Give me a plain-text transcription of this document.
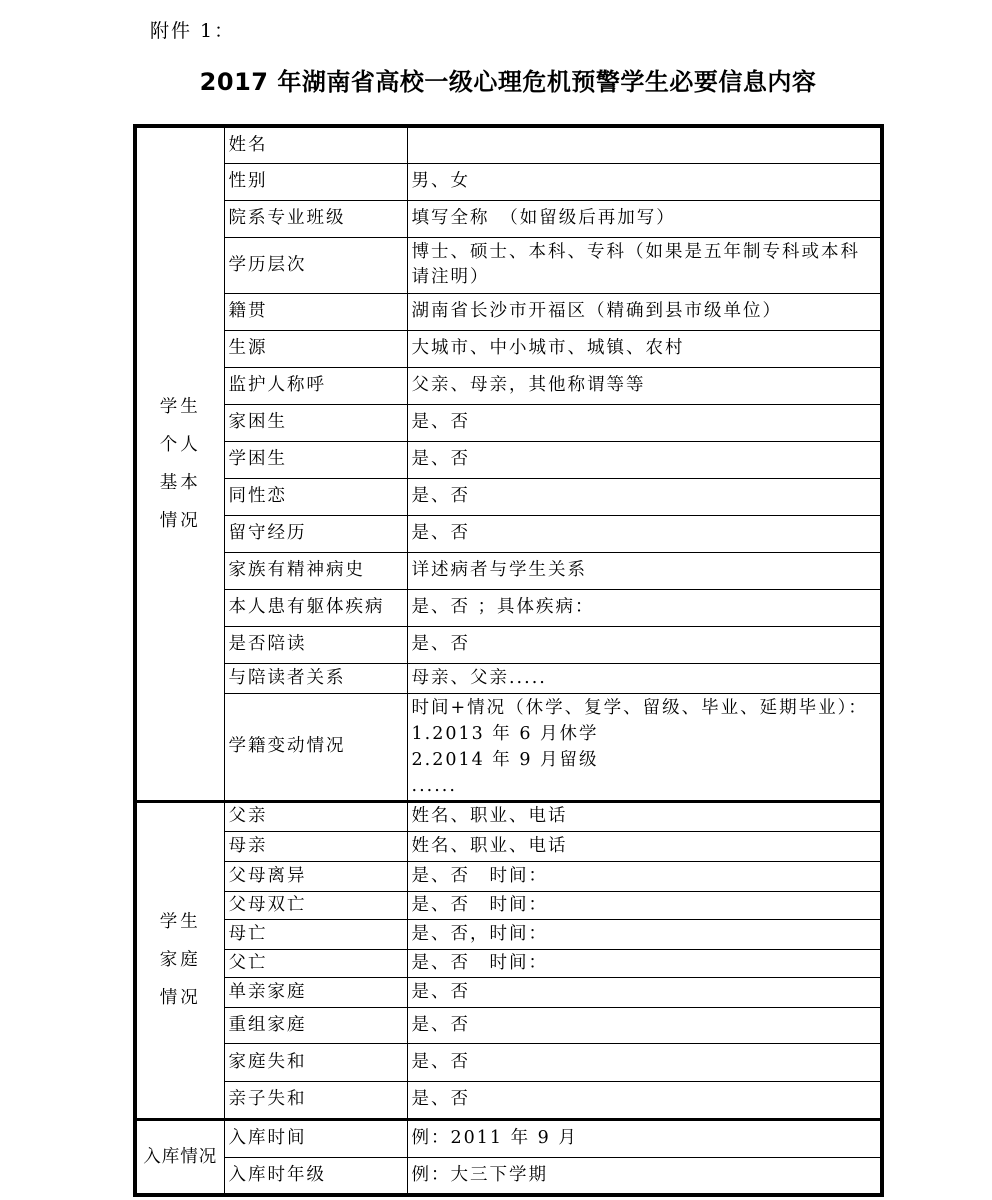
附件 1：
2017 年湖南省高校一级心理危机预警学生必要信息内容
学生
个人
基本
情况	姓名	
	性别	男、女
	院系专业班级	填写全称　（如留级后再加写）
	学历层次	博士、硕士、本科、专科（如果是五年制专科或本科
请注明）
	籍贯	湖南省长沙市开福区（精确到县市级单位）
	生源	大城市、中小城市、城镇、农村
	监护人称呼	父亲、母亲，其他称谓等等
	家困生	是、否
	学困生	是、否
	同性恋	是、否
	留守经历	是、否
	家族有精神病史	详述病者与学生关系
	本人患有躯体疾病	是、否 ；具体疾病：
	是否陪读	是、否
	与陪读者关系	母亲、父亲.....
	学籍变动情况	时间+情况（休学、复学、留级、毕业、延期毕业）：
1.2013 年 6 月休学
2.2014 年 9 月留级
......
学生
家庭
情况	父亲	姓名、职业、电话
	母亲	姓名、职业、电话
	父母离异	是、否　时间：
	父母双亡	是、否　时间：
	母亡	是、否，时间：
	父亡	是、否　时间：
	单亲家庭	是、否
	重组家庭	是、否
	家庭失和	是、否
	亲子失和	是、否
入库情况	入库时间	例：2011 年 9 月
	入库时年级	例：大三下学期
